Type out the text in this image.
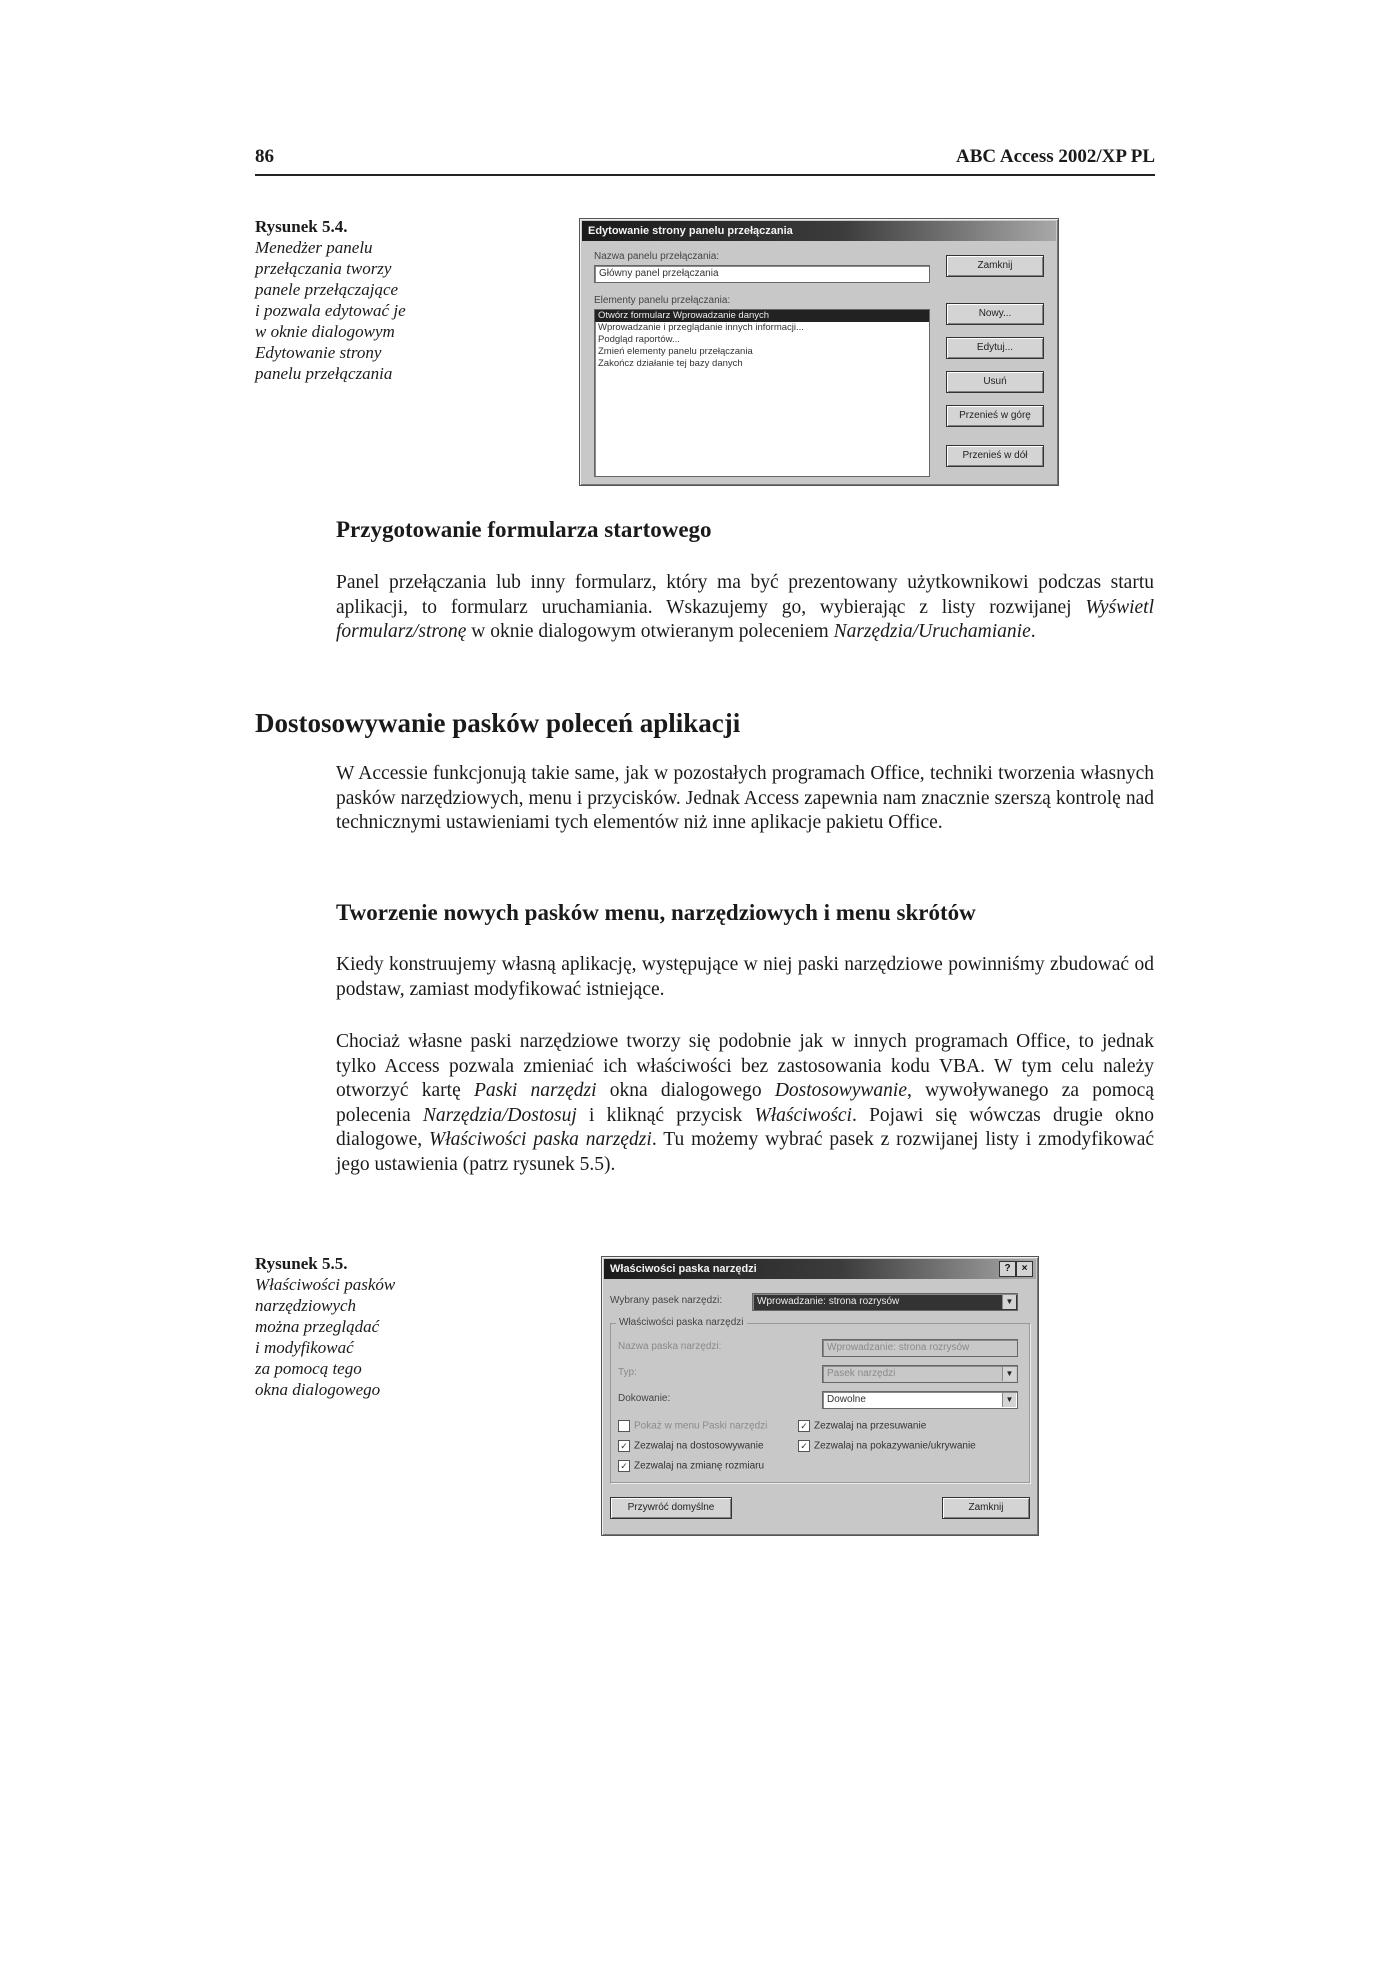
86	ABC Access 2002/XP PL
Rysunek 5.4.
Menedżer panelu
przełączania tworzy
panele przełączające
i pozwala edytować je
w oknie dialogowym
Edytowanie strony
panelu przełączania
Edytowanie strony panelu przełączania
Nazwa panelu przełączania:
Główny panel przełączania
Elementy panelu przełączania:
Otwórz formularz Wprowadzanie danych
Wprowadzanie i przeglądanie innych informacji...
Podgląd raportów...
Zmień elementy panelu przełączania
Zakończ działanie tej bazy danych
Zamknij
Nowy...
Edytuj...
Usuń
Przenieś w górę
Przenieś w dół
Przygotowanie formularza startowego
Panel przełączania lub inny formularz, który ma być prezentowany użytkownikowi podczas startu aplikacji, to formularz uruchamiania. Wskazujemy go, wybierając z listy rozwijanej Wyświetl formularz/stronę w oknie dialogowym otwieranym poleceniem Narzędzia/Uruchamianie.
Dostosowywanie pasków poleceń aplikacji
W Accessie funkcjonują takie same, jak w pozostałych programach Office, techniki tworzenia własnych pasków narzędziowych, menu i przycisków. Jednak Access zapewnia nam znacznie szerszą kontrolę nad technicznymi ustawieniami tych elementów niż inne aplikacje pakietu Office.
Tworzenie nowych pasków menu, narzędziowych i menu skrótów
Kiedy konstruujemy własną aplikację, występujące w niej paski narzędziowe powinniśmy zbudować od podstaw, zamiast modyfikować istniejące.
Chociaż własne paski narzędziowe tworzy się podobnie jak w innych programach Office, to jednak tylko Access pozwala zmieniać ich właściwości bez zastosowania kodu VBA. W tym celu należy otworzyć kartę Paski narzędzi okna dialogowego Dostosowywanie, wywoływanego za pomocą polecenia Narzędzia/Dostosuj i kliknąć przycisk Właściwości. Pojawi się wówczas drugie okno dialogowe, Właściwości paska narzędzi. Tu możemy wybrać pasek z rozwijanej listy i zmodyfikować jego ustawienia (patrz rysunek 5.5).
Rysunek 5.5.
Właściwości pasków
narzędziowych
można przeglądać
i modyfikować
za pomocą tego
okna dialogowego
Właściwości paska narzędzi	?	×
Wybrany pasek narzędzi:	Wprowadzanie: strona rozrysów	▼
Właściwości paska narzędzi
Nazwa paska narzędzi:	Wprowadzanie: strona rozrysów
Typ:	Pasek narzędzi	▼
Dokowanie:	Dowolne	▼
Pokaż w menu Paski narzędzi	✓ Zezwalaj na przesuwanie
✓ Zezwalaj na dostosowywanie	✓ Zezwalaj na pokazywanie/ukrywanie
✓ Zezwalaj na zmianę rozmiaru
Przywróć domyślne	Zamknij
